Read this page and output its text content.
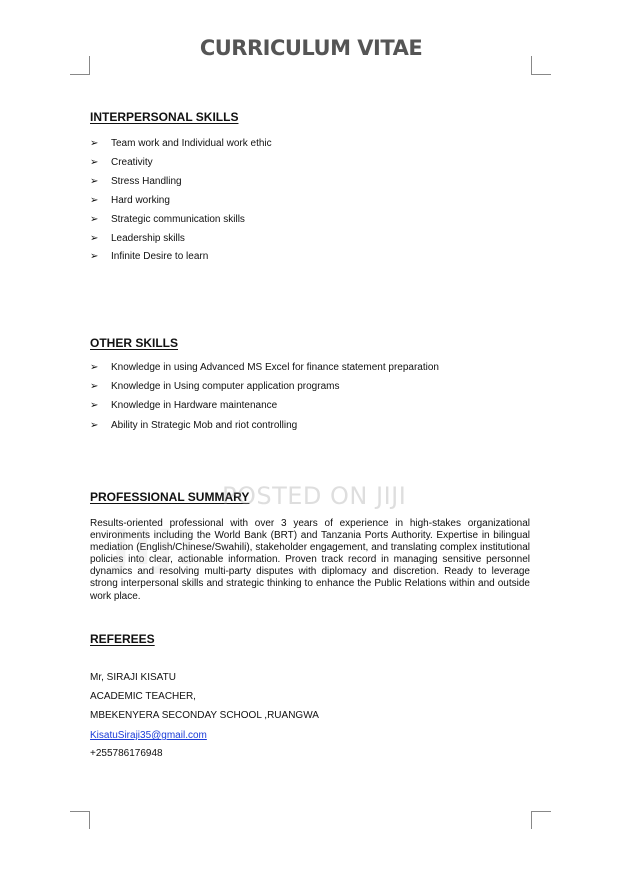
CURRICULUM VITAE
INTERPERSONAL SKILLS
➢ Team work and Individual work ethic
➢ Creativity
➢ Stress Handling
➢ Hard working
➢ Strategic communication skills
➢ Leadership skills
➢ Infinite Desire to learn
OTHER SKILLS
➢ Knowledge in using Advanced MS Excel for finance statement preparation
➢ Knowledge in Using computer application programs
➢ Knowledge in Hardware maintenance
➢ Ability in Strategic Mob and riot controlling
PROFESSIONAL SUMMARY

Results-oriented professional with over 3 years of experience in high-stakes organizational environments including the World Bank (BRT) and Tanzania Ports Authority. Expertise in bilingual mediation (English/Chinese/Swahili), stakeholder engagement, and translating complex institutional policies into clear, actionable information. Proven track record in managing sensitive personnel dynamics and resolving multi-party disputes with diplomacy and discretion. Ready to leverage strong interpersonal skills and strategic thinking to enhance the Public Relations within and outside work place.

REFEREES
Mr, SIRAJI KISATU
ACADEMIC TEACHER,
MBEKENYERA SECONDAY SCHOOL ,RUANGWA
KisatuSiraji35@gmail.com
+255786176948
POSTED ON JIJI
JIJI
